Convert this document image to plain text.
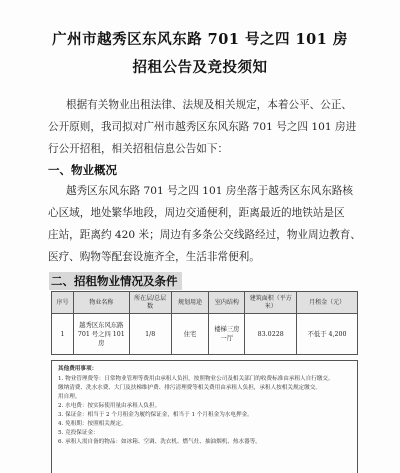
广州市越秀区东风东路 701 号之四 101 房
招租公告及竞投须知
根据有关物业出租法律、法规及相关规定，本着公平、公正、
公开原则，我司拟对广州市越秀区东风东路 701 号之四 101 房进
行公开招租，相关招租信息公告如下：
一、物业概况
越秀区东风东路 701 号之四 101 房坐落于越秀区东风东路核
心区域，地处繁华地段，周边交通便利，距离最近的地铁站是区
庄站，距离约 420 米；周边有多条公交线路经过，物业周边教育、
医疗、购物等配套设施齐全，生活非常便利。
二、招租物业情况及条件
序号	物业名称	所在层/总层数	规划用途	室内结构	建筑面积（平方米）	月租金（元）
1	越秀区东风东路 701 号之四 101 房	1/8	住宅	楼梯三房一厅	83.0228	不低于 4,200
其他费用事项：
1. 物业管理费等：日常物业管理等费用由承租人负担，按照物业公司及相关部门的收费标准由承租人自行缴交。
缴纳清费、洗水水费、大门及扶梯维护费、排污清理费等相关费用由承租人负担，承租人按相关规定缴交。
用自理。
2. 水电费：按实际使用量由承租人负担。
3. 保证金：相当于 2 个月租金为履约保证金，相当于 1 个月租金为水电押金。
4. 免租期：按照相关规定。
5. 竞投保证金：
6. 承租人需自备的物品：如冰箱、空调、洗衣机、燃气灶、抽油烟机、热水器等。
